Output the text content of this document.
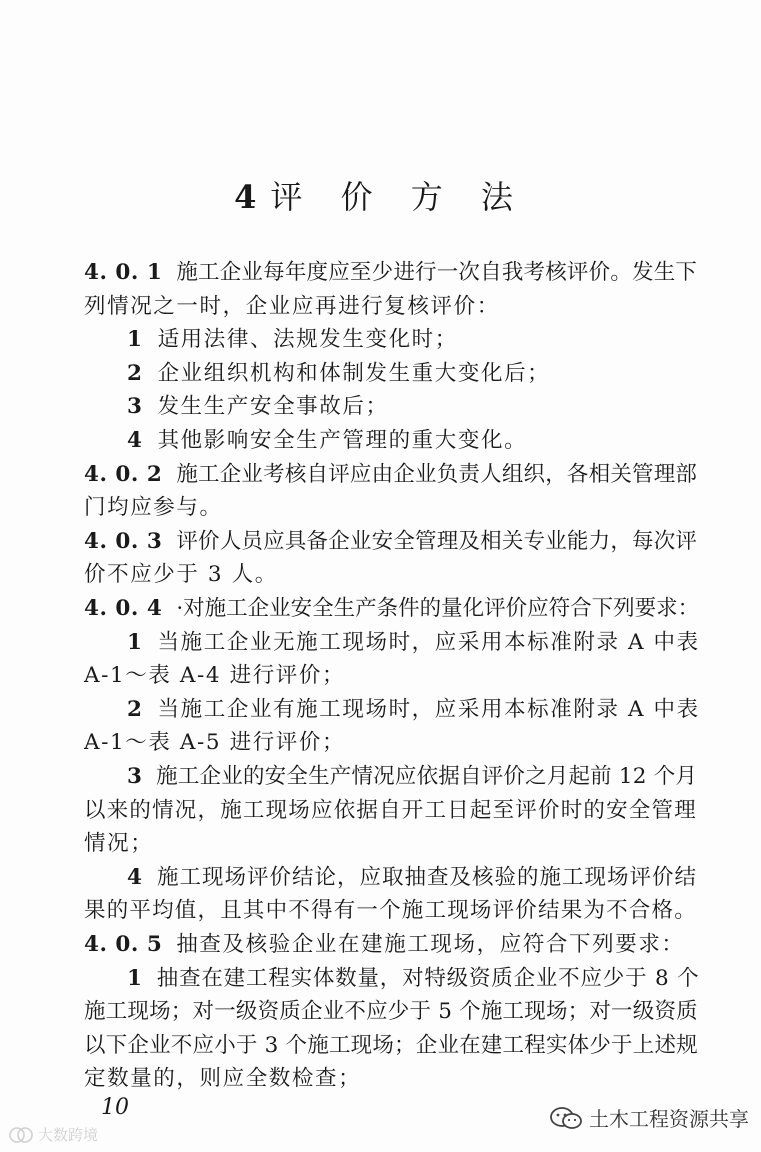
4 评 价 方 法
4. 0. 1 施工企业每年度应至少进行一次自我考核评价。发生下
列情况之一时，企业应再进行复核评价：
1 适用法律、法规发生变化时；
2 企业组织机构和体制发生重大变化后；
3 发生生产安全事故后；
4 其他影响安全生产管理的重大变化。
4. 0. 2 施工企业考核自评应由企业负责人组织，各相关管理部
门均应参与。
4. 0. 3 评价人员应具备企业安全管理及相关专业能力，每次评
价不应少于 3 人。
4. 0. 4 ·对施工企业安全生产条件的量化评价应符合下列要求：
1 当施工企业无施工现场时，应采用本标准附录 A 中表
A-1～表 A-4 进行评价；
2 当施工企业有施工现场时，应采用本标准附录 A 中表
A-1～表 A-5 进行评价；
3 施工企业的安全生产情况应依据自评价之月起前 12 个月
以来的情况，施工现场应依据自开工日起至评价时的安全管理
情况；
4 施工现场评价结论，应取抽查及核验的施工现场评价结
果的平均值，且其中不得有一个施工现场评价结果为不合格。
4. 0. 5 抽查及核验企业在建施工现场，应符合下列要求：
1 抽查在建工程实体数量，对特级资质企业不应少于 8 个
施工现场；对一级资质企业不应少于 5 个施工现场；对一级资质
以下企业不应小于 3 个施工现场；企业在建工程实体少于上述规
定数量的，则应全数检查；

10	土木工程资源共享
大数跨境
